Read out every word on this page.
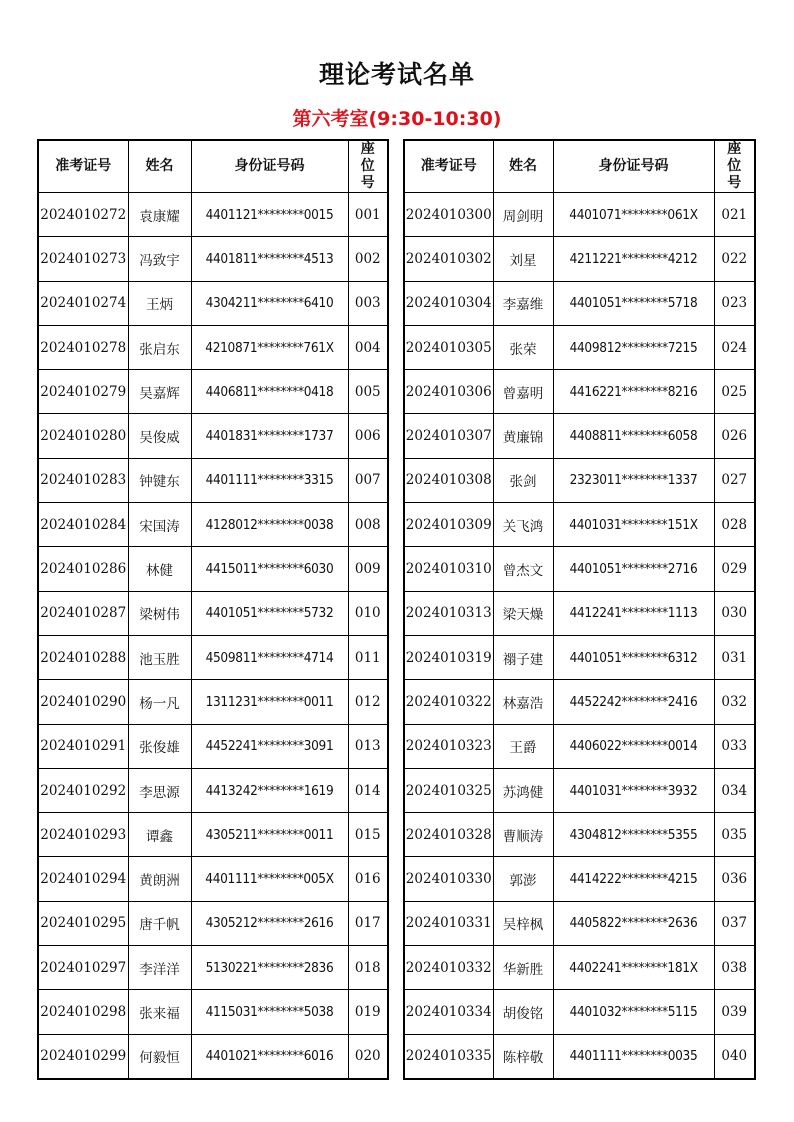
理论考试名单
第六考室(9:30-10:30)
准考证号	姓名	身份证号码	座位号
2024010272	袁康耀	4401121********0015	001
2024010273	冯致宇	4401811********4513	002
2024010274	王炳	4304211********6410	003
2024010278	张启东	4210871********761X	004
2024010279	吴嘉辉	4406811********0418	005
2024010280	吴俊威	4401831********1737	006
2024010283	钟键东	4401111********3315	007
2024010284	宋国涛	4128012********0038	008
2024010286	林健	4415011********6030	009
2024010287	梁树伟	4401051********5732	010
2024010288	池玉胜	4509811********4714	011
2024010290	杨一凡	1311231********0011	012
2024010291	张俊雄	4452241********3091	013
2024010292	李思源	4413242********1619	014
2024010293	谭鑫	4305211********0011	015
2024010294	黄朗洲	4401111********005X	016
2024010295	唐千帆	4305212********2616	017
2024010297	李洋洋	5130221********2836	018
2024010298	张来福	4115031********5038	019
2024010299	何毅恒	4401021********6016	020
准考证号	姓名	身份证号码	座位号
2024010300	周剑明	4401071********061X	021
2024010302	刘星	4211221********4212	022
2024010304	李嘉维	4401051********5718	023
2024010305	张荣	4409812********7215	024
2024010306	曾嘉明	4416221********8216	025
2024010307	黄廉锦	4408811********6058	026
2024010308	张剑	2323011********1337	027
2024010309	关飞鸿	4401031********151X	028
2024010310	曾杰文	4401051********2716	029
2024010313	梁天燥	4412241********1113	030
2024010319	禤子建	4401051********6312	031
2024010322	林嘉浩	4452242********2416	032
2024010323	王爵	4406022********0014	033
2024010325	苏鸿健	4401031********3932	034
2024010328	曹顺涛	4304812********5355	035
2024010330	郭澎	4414222********4215	036
2024010331	吴梓枫	4405822********2636	037
2024010332	华新胜	4402241********181X	038
2024010334	胡俊铭	4401032********5115	039
2024010335	陈梓敬	4401111********0035	040
